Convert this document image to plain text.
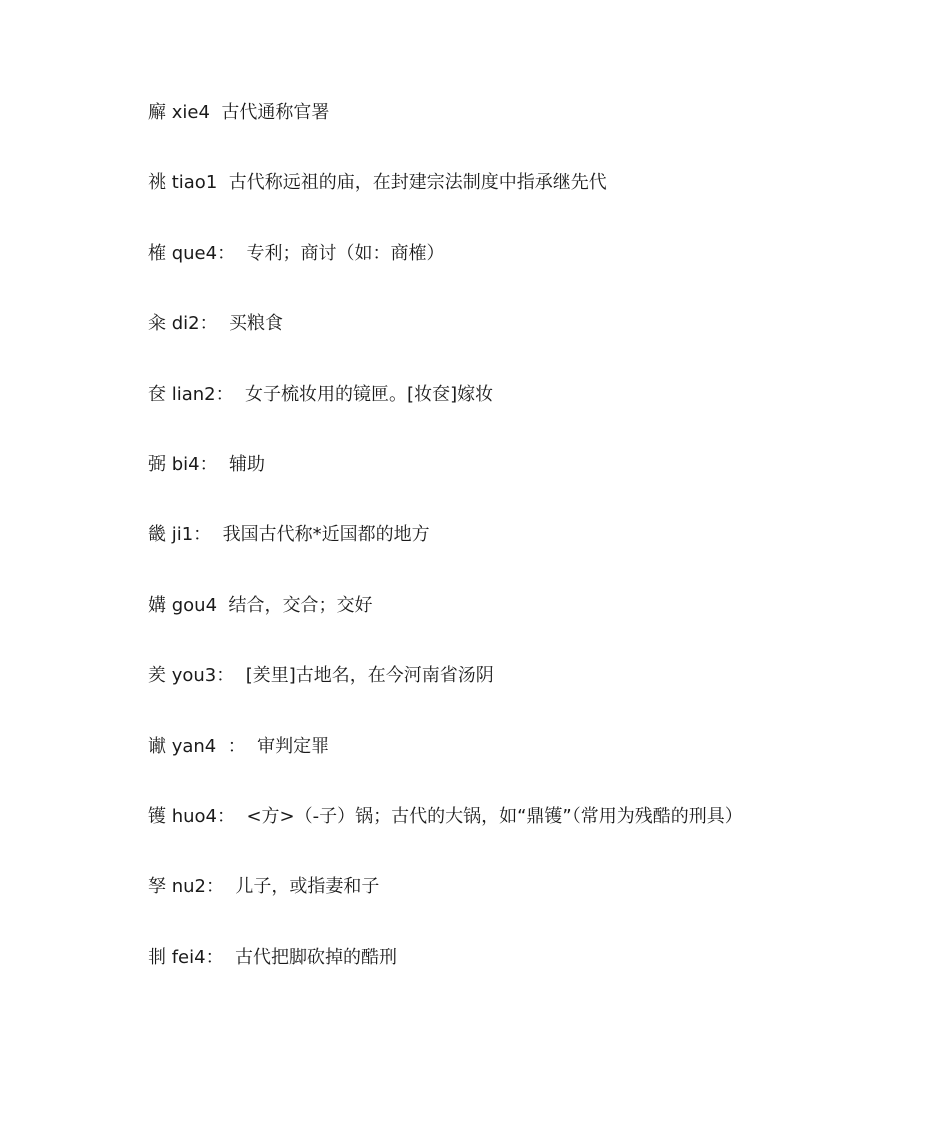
廨 xie4  古代通称官署
祧 tiao1  古代称远祖的庙，在封建宗法制度中指承继先代
榷 que4：  专利；商讨（如：商榷）
籴 di2：  买粮食
奁 lian2：  女子梳妆用的镜匣。[妆奁]嫁妆
弼 bi4：  辅助
畿 ji1：  我国古代称*近国都的地方
媾 gou4  结合，交合；交好
羑 you3：  [羑里]古地名，在今河南省汤阴
谳 yan4  ：  审判定罪
镬 huo4：  <方>（-子）锅；古代的大锅，如“鼎镬”（常用为残酷的刑具）
孥 nu2：  儿子，或指妻和子
剕 fei4：  古代把脚砍掉的酷刑
